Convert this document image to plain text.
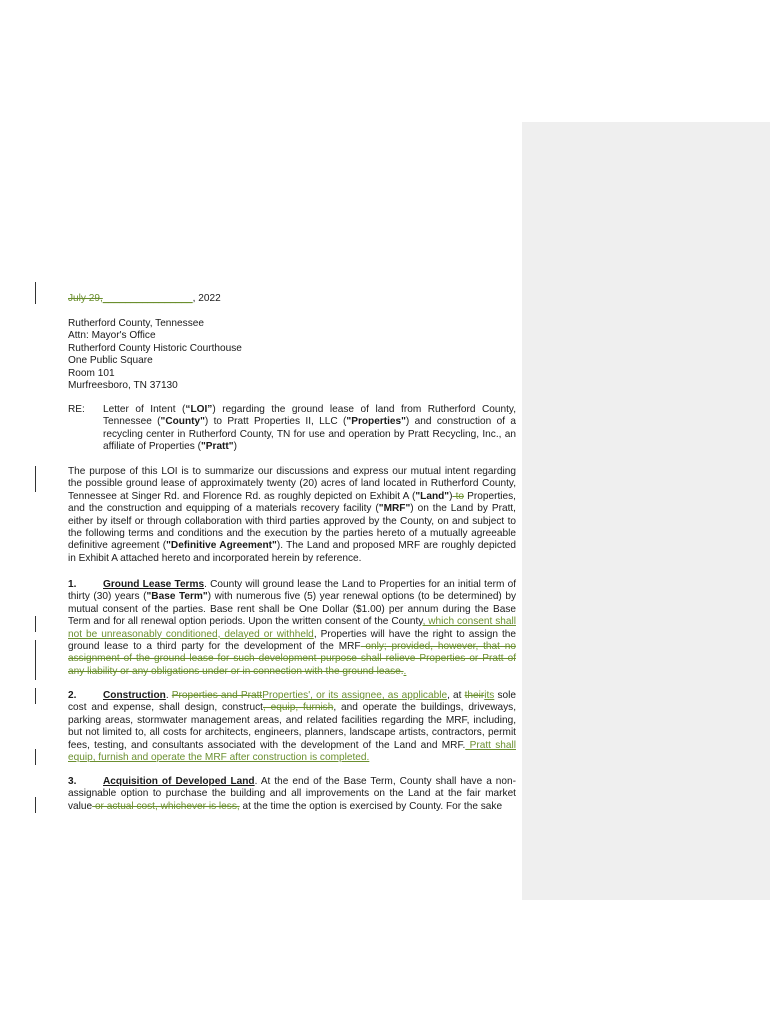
July 29,________________, 2022
Rutherford County, Tennessee
Attn: Mayor's Office
Rutherford County Historic Courthouse
One Public Square
Room 101
Murfreesboro, TN 37130
RE:	Letter of Intent (“LOI”) regarding the ground lease of land from Rutherford County, Tennessee ("County") to Pratt Properties II, LLC ("Properties") and construction of a recycling center in Rutherford County, TN for use and operation by Pratt Recycling, Inc., an affiliate of Properties ("Pratt")
The purpose of this LOI is to summarize our discussions and express our mutual intent regarding the possible ground lease of approximately twenty (20) acres of land located in Rutherford County, Tennessee at Singer Rd. and Florence Rd. as roughly depicted on Exhibit A ("Land") to Properties, and the construction and equipping of a materials recovery facility ("MRF") on the Land by Pratt, either by itself or through collaboration with third parties approved by the County, on and subject to the following terms and conditions and the execution by the parties hereto of a mutually agreeable definitive agreement ("Definitive Agreement"). The Land and proposed MRF are roughly depicted in Exhibit A attached hereto and incorporated herein by reference.
1.	Ground Lease Terms. County will ground lease the Land to Properties for an initial term of thirty (30) years ("Base Term") with numerous five (5) year renewal options (to be determined) by mutual consent of the parties. Base rent shall be One Dollar ($1.00) per annum during the Base Term and for all renewal option periods. Upon the written consent of the County, which consent shall not be unreasonably conditioned, delayed or withheld, Properties will have the right to assign the ground lease to a third party for the development of the MRF only; provided, however, that no assignment of the ground lease for such development purpose shall relieve Properties or Pratt of any liability or any obligations under or in connection with the ground lease..
2.	Construction. Properties and PrattProperties', or its assignee, as applicable, at theirits sole cost and expense, shall design, construct, equip, furnish, and operate the buildings, driveways, parking areas, stormwater management areas, and related facilities regarding the MRF, including, but not limited to, all costs for architects, engineers, planners, landscape artists, contractors, permit fees, testing, and consultants associated with the development of the Land and MRF. Pratt shall equip, furnish and operate the MRF after construction is completed.
3.	Acquisition of Developed Land. At the end of the Base Term, County shall have a non-assignable option to purchase the building and all improvements on the Land at the fair market value or actual cost, whichever is less, at the time the option is exercised by County. For the sake
